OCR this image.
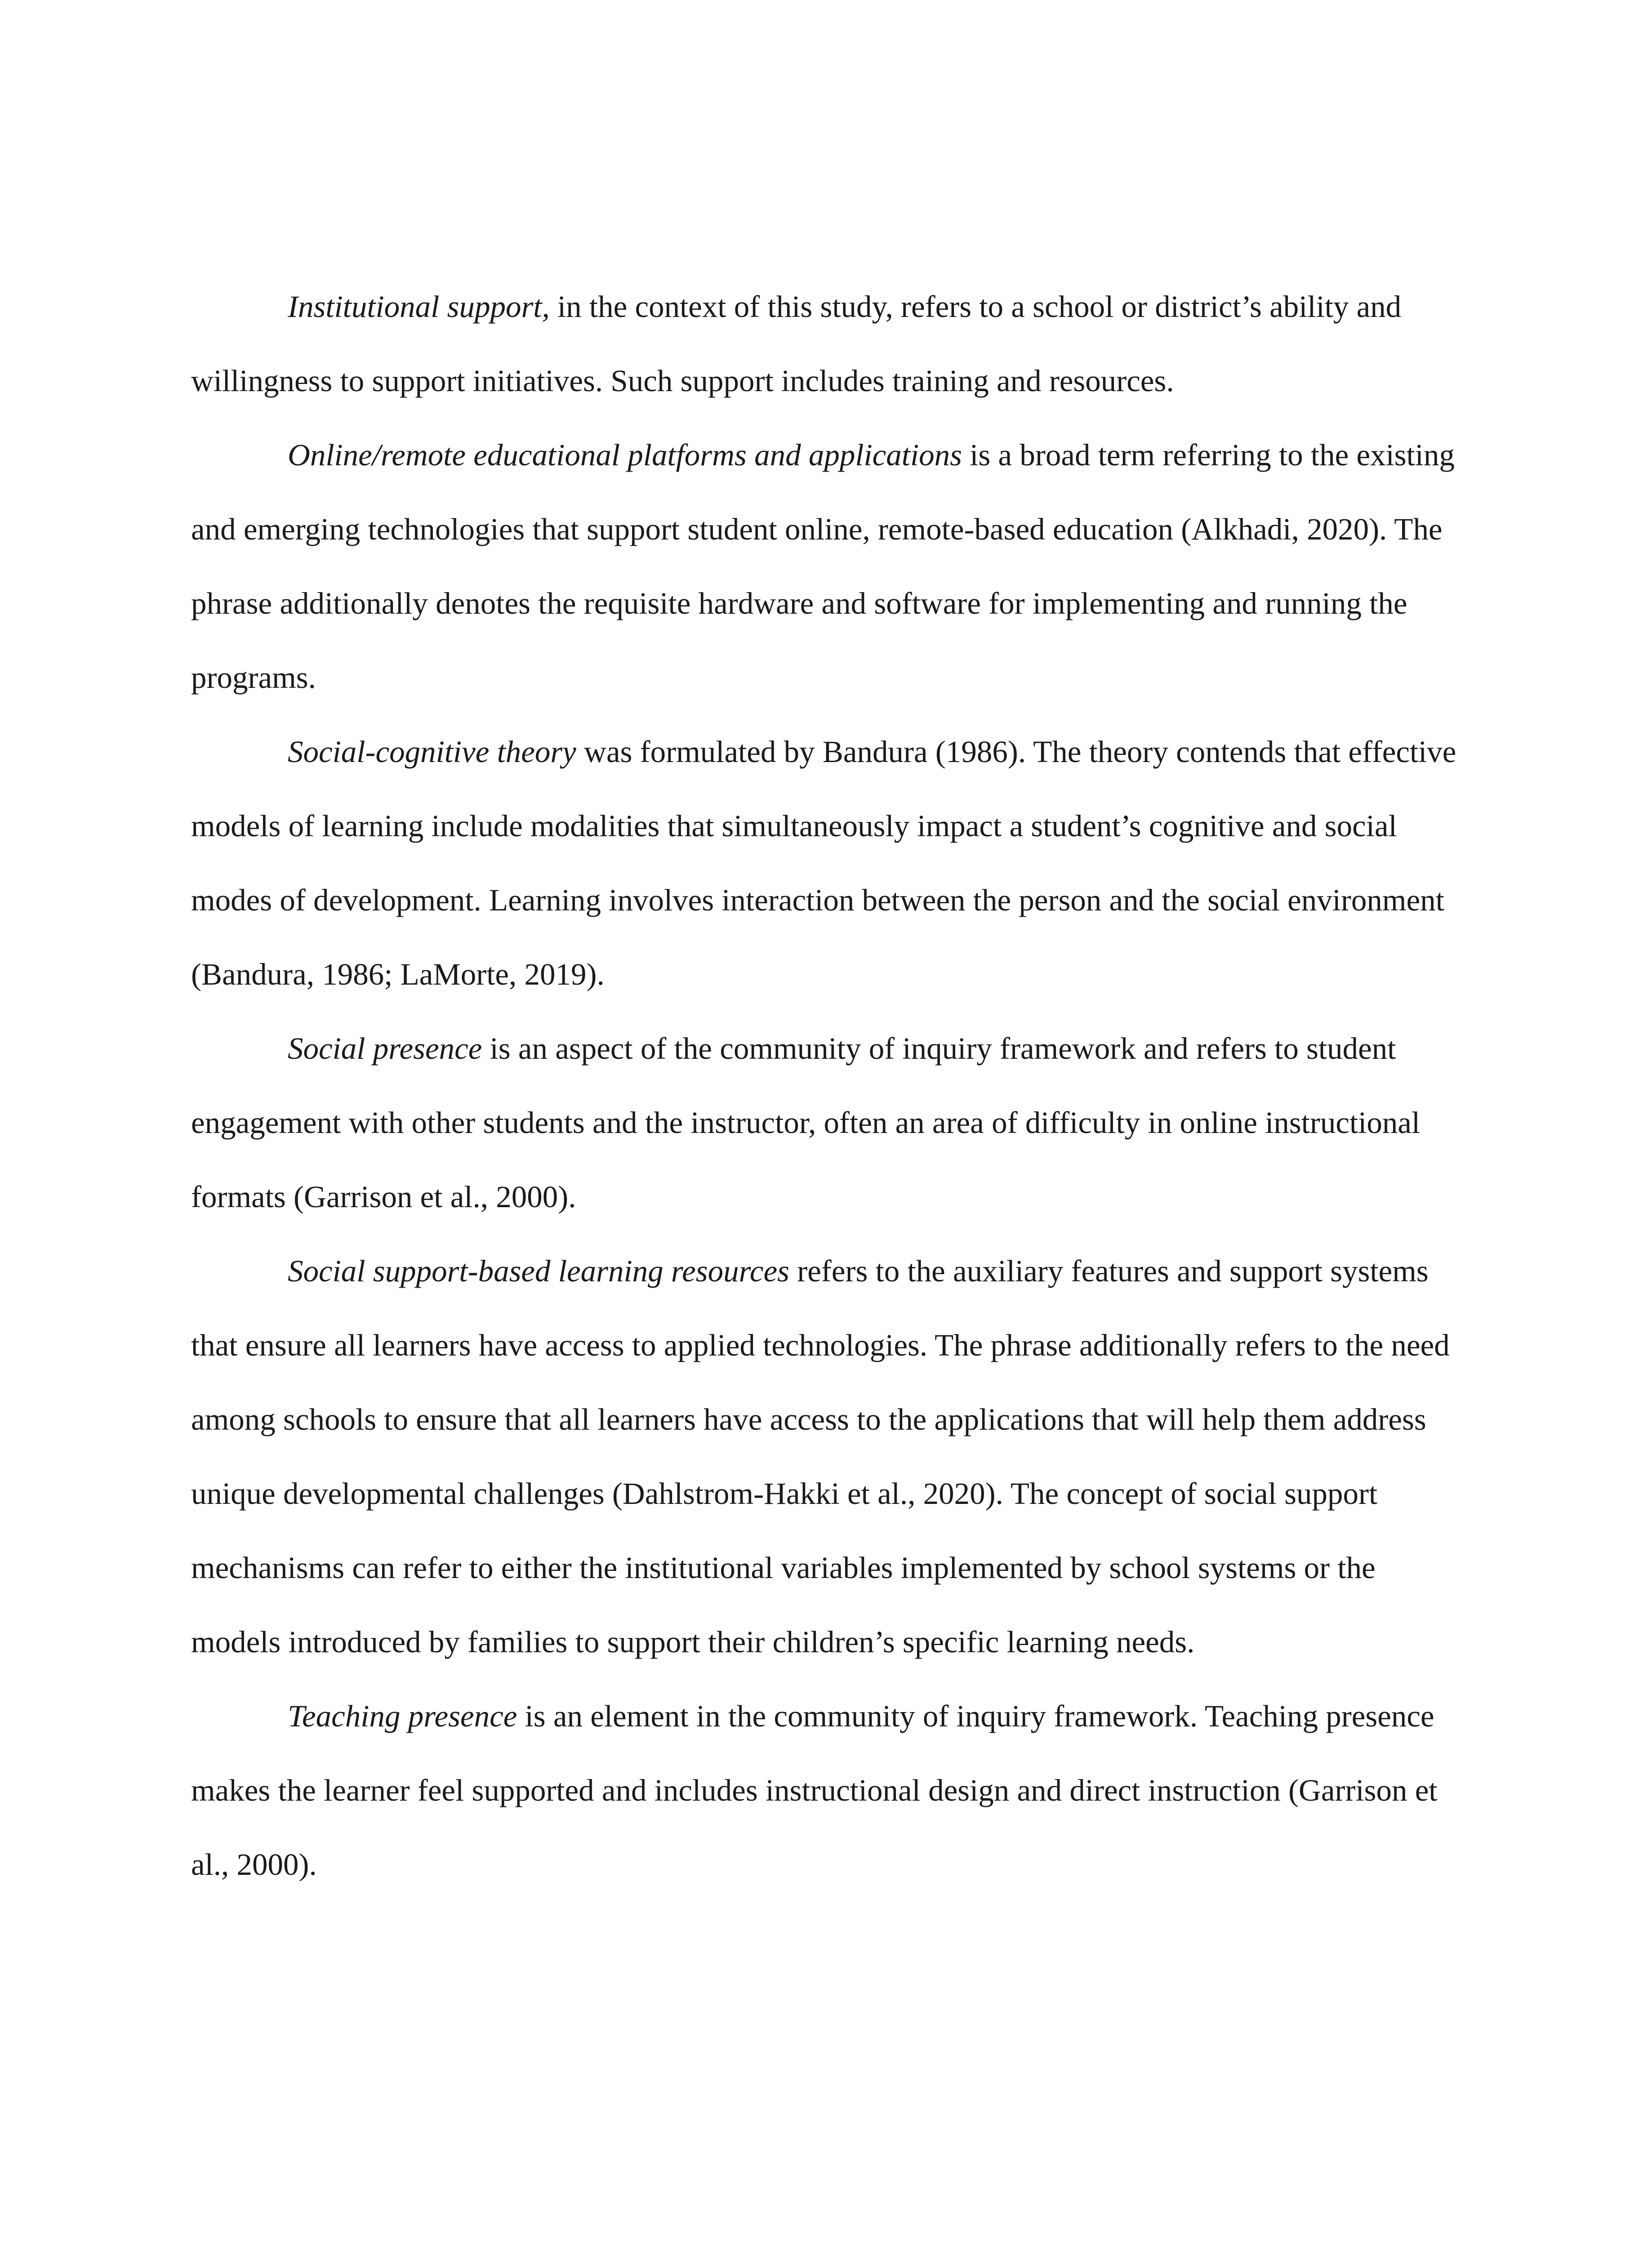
Institutional support, in the context of this study, refers to a school or district’s ability and willingness to support initiatives. Such support includes training and resources.

Online/remote educational platforms and applications is a broad term referring to the existing and emerging technologies that support student online, remote-based education (Alkhadi, 2020). The phrase additionally denotes the requisite hardware and software for implementing and running the programs.

Social-cognitive theory was formulated by Bandura (1986). The theory contends that effective models of learning include modalities that simultaneously impact a student’s cognitive and social modes of development. Learning involves interaction between the person and the social environment (Bandura, 1986; LaMorte, 2019).

Social presence is an aspect of the community of inquiry framework and refers to student engagement with other students and the instructor, often an area of difficulty in online instructional formats (Garrison et al., 2000).

Social support-based learning resources refers to the auxiliary features and support systems that ensure all learners have access to applied technologies. The phrase additionally refers to the need among schools to ensure that all learners have access to the applications that will help them address unique developmental challenges (Dahlstrom-Hakki et al., 2020). The concept of social support mechanisms can refer to either the institutional variables implemented by school systems or the models introduced by families to support their children’s specific learning needs.

Teaching presence is an element in the community of inquiry framework. Teaching presence makes the learner feel supported and includes instructional design and direct instruction (Garrison et al., 2000).
